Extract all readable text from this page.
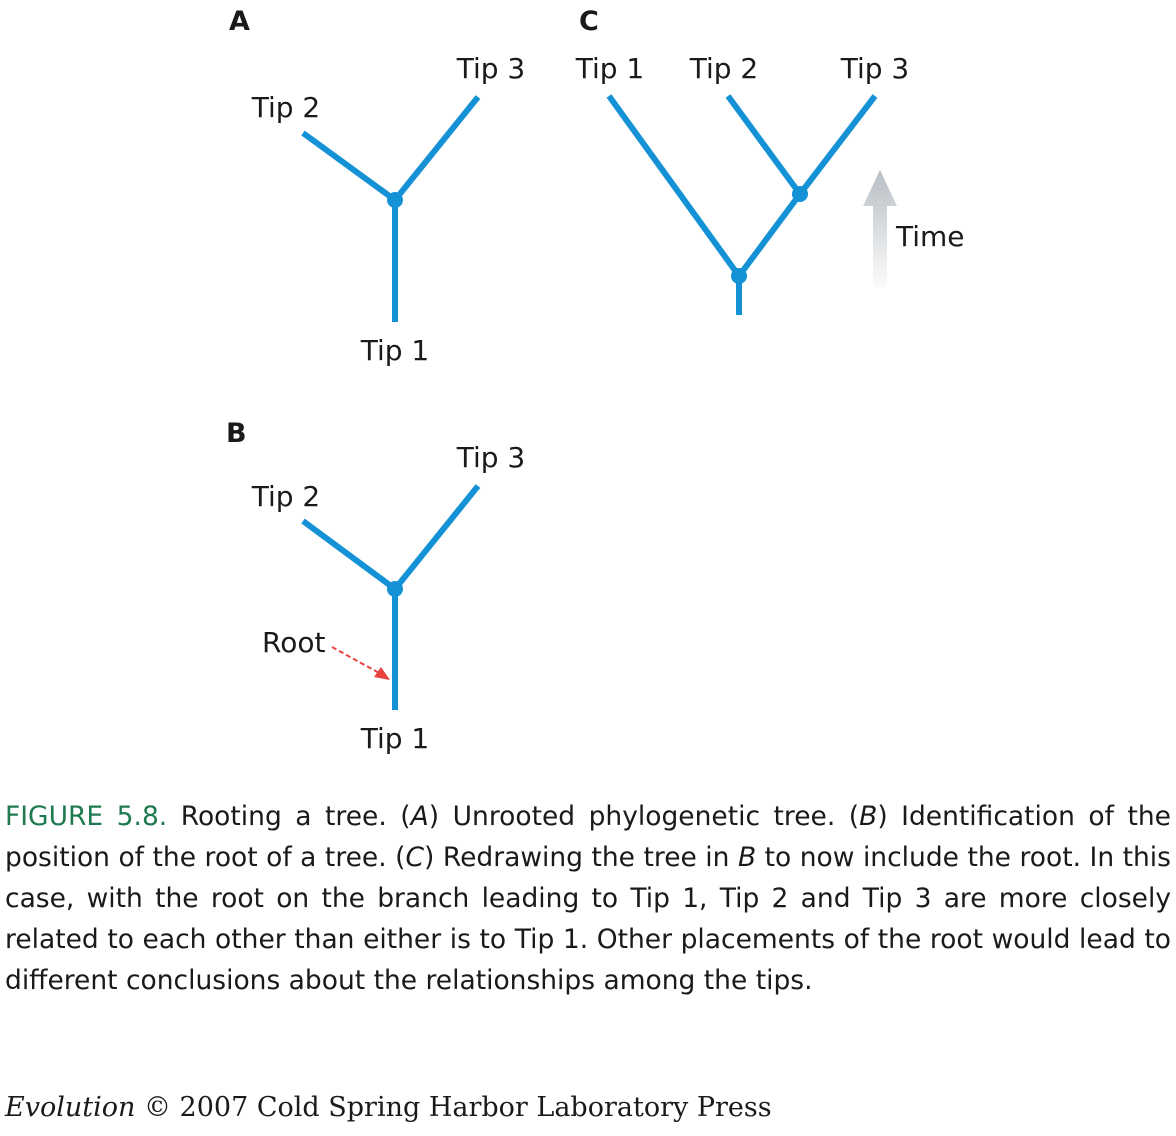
A
Tip 1
Tip 2
Tip 3
B
Tip 1
Tip 2
Tip 3
Root
C
Tip 1 Tip 2	Tip 3
Time

FIGURE 5.8. Rooting a tree. (A) Unrooted phylogenetic tree. (B) Identification of the position of the root of a tree. (C) Redrawing the tree in B to now include the root. In this case, with the root on the branch leading to Tip 1, Tip 2 and Tip 3 are more closely related to each other than either is to Tip 1. Other placements of the root would lead to different conclusions about the relationships among the tips.

Evolution © 2007 Cold Spring Harbor Laboratory Press
